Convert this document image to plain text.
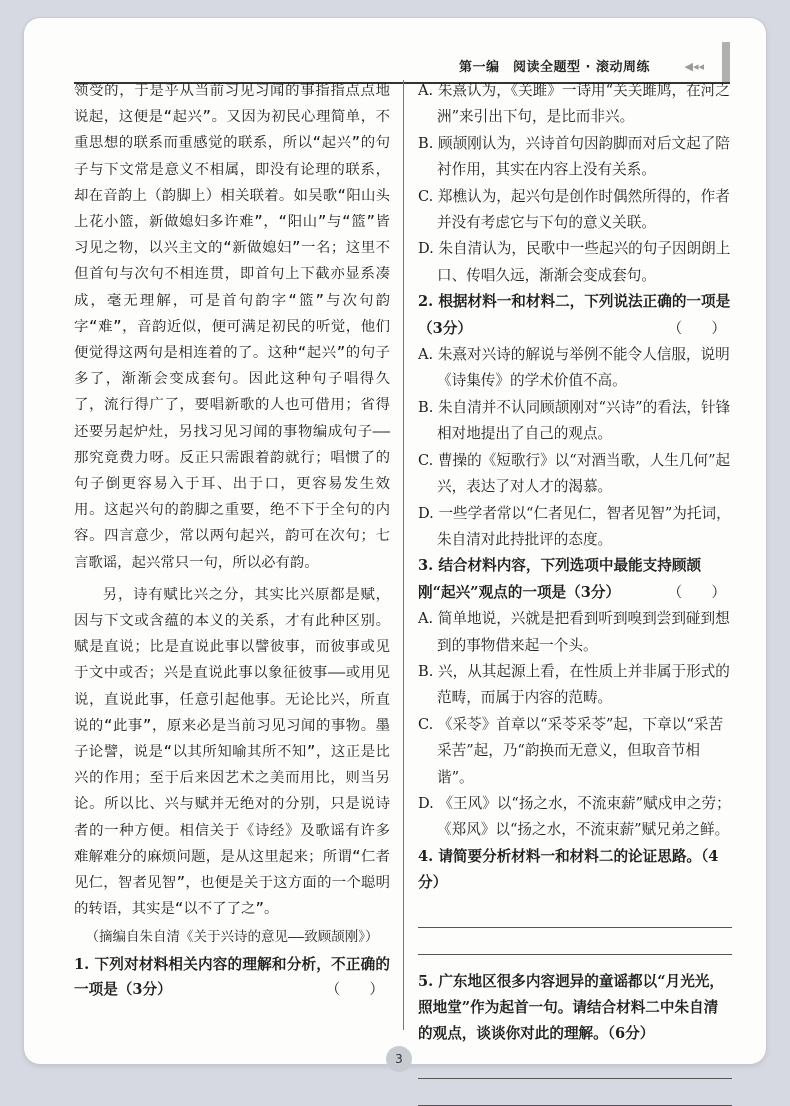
第一编　阅读全题型 · 滚动周练	◀◂◂

领受的，于是乎从当前习见习闻的事指指点点地说起，这便是“起兴”。又因为初民心理简单，不重思想的联系而重感觉的联系，所以“起兴”的句子与下文常是意义不相属，即没有论理的联系，却在音韵上（韵脚上）相关联着。如吴歌“阳山头上花小篮，新做媳妇多许难”，“阳山”与“篮”皆习见之物，以兴主文的“新做媳妇”一名；这里不但首句与次句不相连贯，即首句上下截亦显系凑成，毫无理解，可是首句韵字“篮”与次句韵字“难”，音韵近似，便可满足初民的听觉，他们便觉得这两句是相连着的了。这种“起兴”的句子多了，渐渐会变成套句。因此这种句子唱得久了，流行得广了，要唱新歌的人也可借用；省得还要另起炉灶，另找习见习闻的事物编成句子——那究竟费力呀。反正只需跟着韵就行；唱惯了的句子倒更容易入于耳、出于口，更容易发生效用。这起兴句的韵脚之重要，绝不下于全句的内容。四言意少，常以两句起兴，韵可在次句；七言歌谣，起兴常只一句，所以必有韵。

另，诗有赋比兴之分，其实比兴原都是赋，因与下文或含蕴的本义的关系，才有此种区别。赋是直说；比是直说此事以譬彼事，而彼事或见于文中或否；兴是直说此事以象征彼事——或用见说，直说此事，任意引起他事。无论比兴，所直说的“此事”，原来必是当前习见习闻的事物。墨子论譬，说是“以其所知喻其所不知”，这正是比兴的作用；至于后来因艺术之美而用比，则当另论。所以比、兴与赋并无绝对的分别，只是说诗者的一种方便。相信关于《诗经》及歌谣有许多难解难分的麻烦问题，是从这里起来；所谓“仁者见仁，智者见智”，也便是关于这方面的一个聪明的转语，其实是“以不了了之”。

（摘编自朱自清《关于兴诗的意见——致顾颉刚》）

1. 下列对材料相关内容的理解和分析，不正确的一项是（3分）	（　　）

A. 朱熹认为，《关雎》一诗用“关关雎鸠，在河之洲”来引出下句，是比而非兴。

B. 顾颉刚认为，兴诗首句因韵脚而对后文起了陪衬作用，其实在内容上没有关系。

C. 郑樵认为，起兴句是创作时偶然所得的，作者并没有考虑它与下句的意义关联。

D. 朱自清认为，民歌中一些起兴的句子因朗朗上口、传唱久远，渐渐会变成套句。

2. 根据材料一和材料二，下列说法正确的一项是（3分）	（　　）

A. 朱熹对兴诗的解说与举例不能令人信服，说明《诗集传》的学术价值不高。

B. 朱自清并不认同顾颉刚对“兴诗”的看法，针锋相对地提出了自己的观点。

C. 曹操的《短歌行》以“对酒当歌，人生几何”起兴，表达了对人才的渴慕。

D. 一些学者常以“仁者见仁，智者见智”为托词，朱自清对此持批评的态度。

3. 结合材料内容，下列选项中最能支持顾颉刚“起兴”观点的一项是（3分）	（　　）

A. 简单地说，兴就是把看到听到嗅到尝到碰到想到的事物借来起一个头。

B. 兴，从其起源上看，在性质上并非属于形式的范畴，而属于内容的范畴。

C. 《采苓》首章以“采苓采苓”起，下章以“采苦采苦”起，乃“韵换而无意义，但取音节相谐”。

D. 《王风》以“扬之水，不流束薪”赋戍申之劳；《郑风》以“扬之水，不流束薪”赋兄弟之鲜。

4. 请简要分析材料一和材料二的论证思路。（4分）

5. 广东地区很多内容迥异的童谣都以“月光光，照地堂”作为起首一句。请结合材料二中朱自清的观点，谈谈你对此的理解。（6分）

3
